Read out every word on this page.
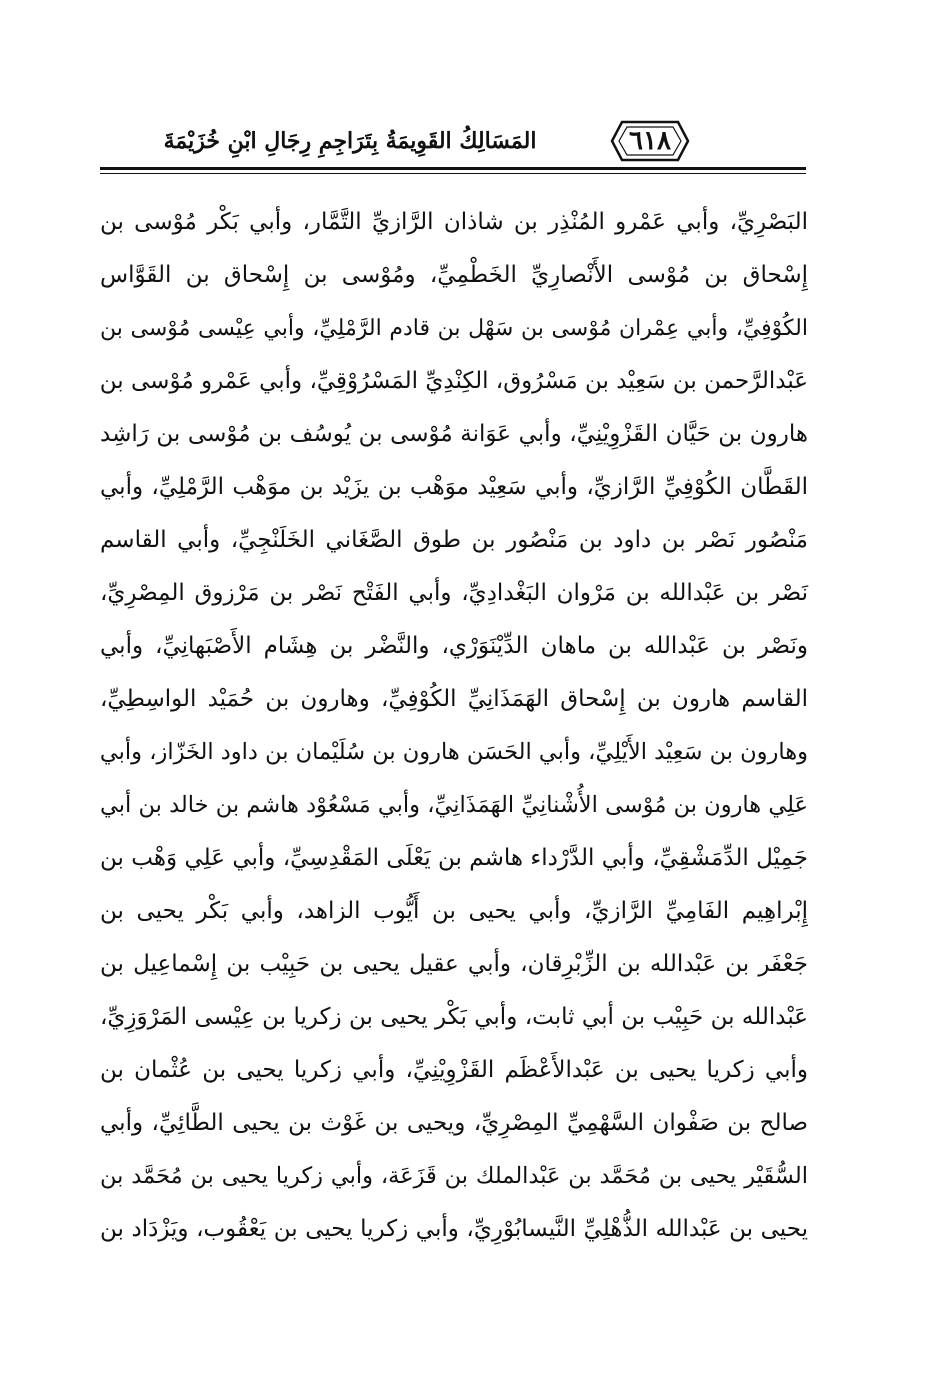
٦١٨
المَسَالِكُ القَوِيمَةُ بِتَرَاجِمِ رِجَالِ ابْنِ خُزَيْمَةَ
البَصْرِيِّ، وأبي عَمْرو المُنْذِر بن شاذان الرَّازيِّ التَّمَّار، وأبي بَكْر مُوْسى بن
إِسْحاق بن مُوْسى الأَنْصارِيِّ الخَطْمِيِّ، ومُوْسى بن إِسْحاق بن القَوَّاس
الكُوْفِيِّ، وأبي عِمْران مُوْسى بن سَهْل بن قادم الرَّمْلِيِّ، وأبي عِيْسى مُوْسى بن
عَبْدالرَّحمن بن سَعِيْد بن مَسْرُوق، الكِنْدِيِّ المَسْرُوْقِيِّ، وأبي عَمْرو مُوْسى بن
هارون بن حَيَّان القَزْوِيْنِيِّ، وأبي عَوَانة مُوْسى بن يُوسُف بن مُوْسى بن رَاشِد
القَطَّان الكُوْفِيِّ الرَّازيِّ، وأبي سَعِيْد موَهْب بن يزَيْد بن موَهْب الرَّمْلِيِّ، وأبي
مَنْصُور نَصْر بن داود بن مَنْصُور بن طوق الصَّغَاني الخَلَنْجِيِّ، وأبي القاسم
نَصْر بن عَبْدالله بن مَرْوان البَغْدادِيِّ، وأبي الفَتْح نَصْر بن مَرْزوق المِصْرِيِّ،
ونَصْر بن عَبْدالله بن ماهان الدِّيْنَوَرْي، والنَّضْر بن هِشَام الأَصْبَهانِيِّ، وأبي
القاسم هارون بن إِسْحاق الهَمَذَانِيِّ الكُوْفِيِّ، وهارون بن حُمَيْد الواسِطِيِّ،
وهارون بن سَعِيْد الأَيْلِيِّ، وأبي الحَسَن هارون بن سُلَيْمان بن داود الخَزّاز، وأبي
عَلِي هارون بن مُوْسى الأُشْنانِيِّ الهَمَذَانِيِّ، وأبي مَسْعُوْد هاشم بن خالد بن أبي
جَمِيْل الدِّمَشْقِيِّ، وأبي الدَّرْداء هاشم بن يَعْلَى المَقْدِسِيِّ، وأبي عَلِي وَهْب بن
إِبْراهِيم الفَامِيِّ الرَّازيِّ، وأبي يحيى بن أَيُّوب الزاهد، وأبي بَكْر يحيى بن
جَعْفَر بن عَبْدالله بن الزِّبْرِقان، وأبي عقيل يحيى بن حَبِيْب بن إِسْماعِيل بن
عَبْدالله بن حَبِيْب بن أبي ثابت، وأبي بَكْر يحيى بن زكريا بن عِيْسى المَرْوَزِيِّ،
وأبي زكريا يحيى بن عَبْدالأَعْظَم القَزْوِيْنِيِّ، وأبي زكريا يحيى بن عُثْمان بن
صالح بن صَفْوان السَّهْمِيِّ المِصْرِيِّ، ويحيى بن غَوْث بن يحيى الطَّائِيِّ، وأبي
السُّقَيْر يحيى بن مُحَمَّد بن عَبْدالملك بن قَزَعَة، وأبي زكريا يحيى بن مُحَمَّد بن
يحيى بن عَبْدالله الذُّهْلِيِّ النَّيسابُوْرِيِّ، وأبي زكريا يحيى بن يَعْقُوب، ويَزْدَاد بن
